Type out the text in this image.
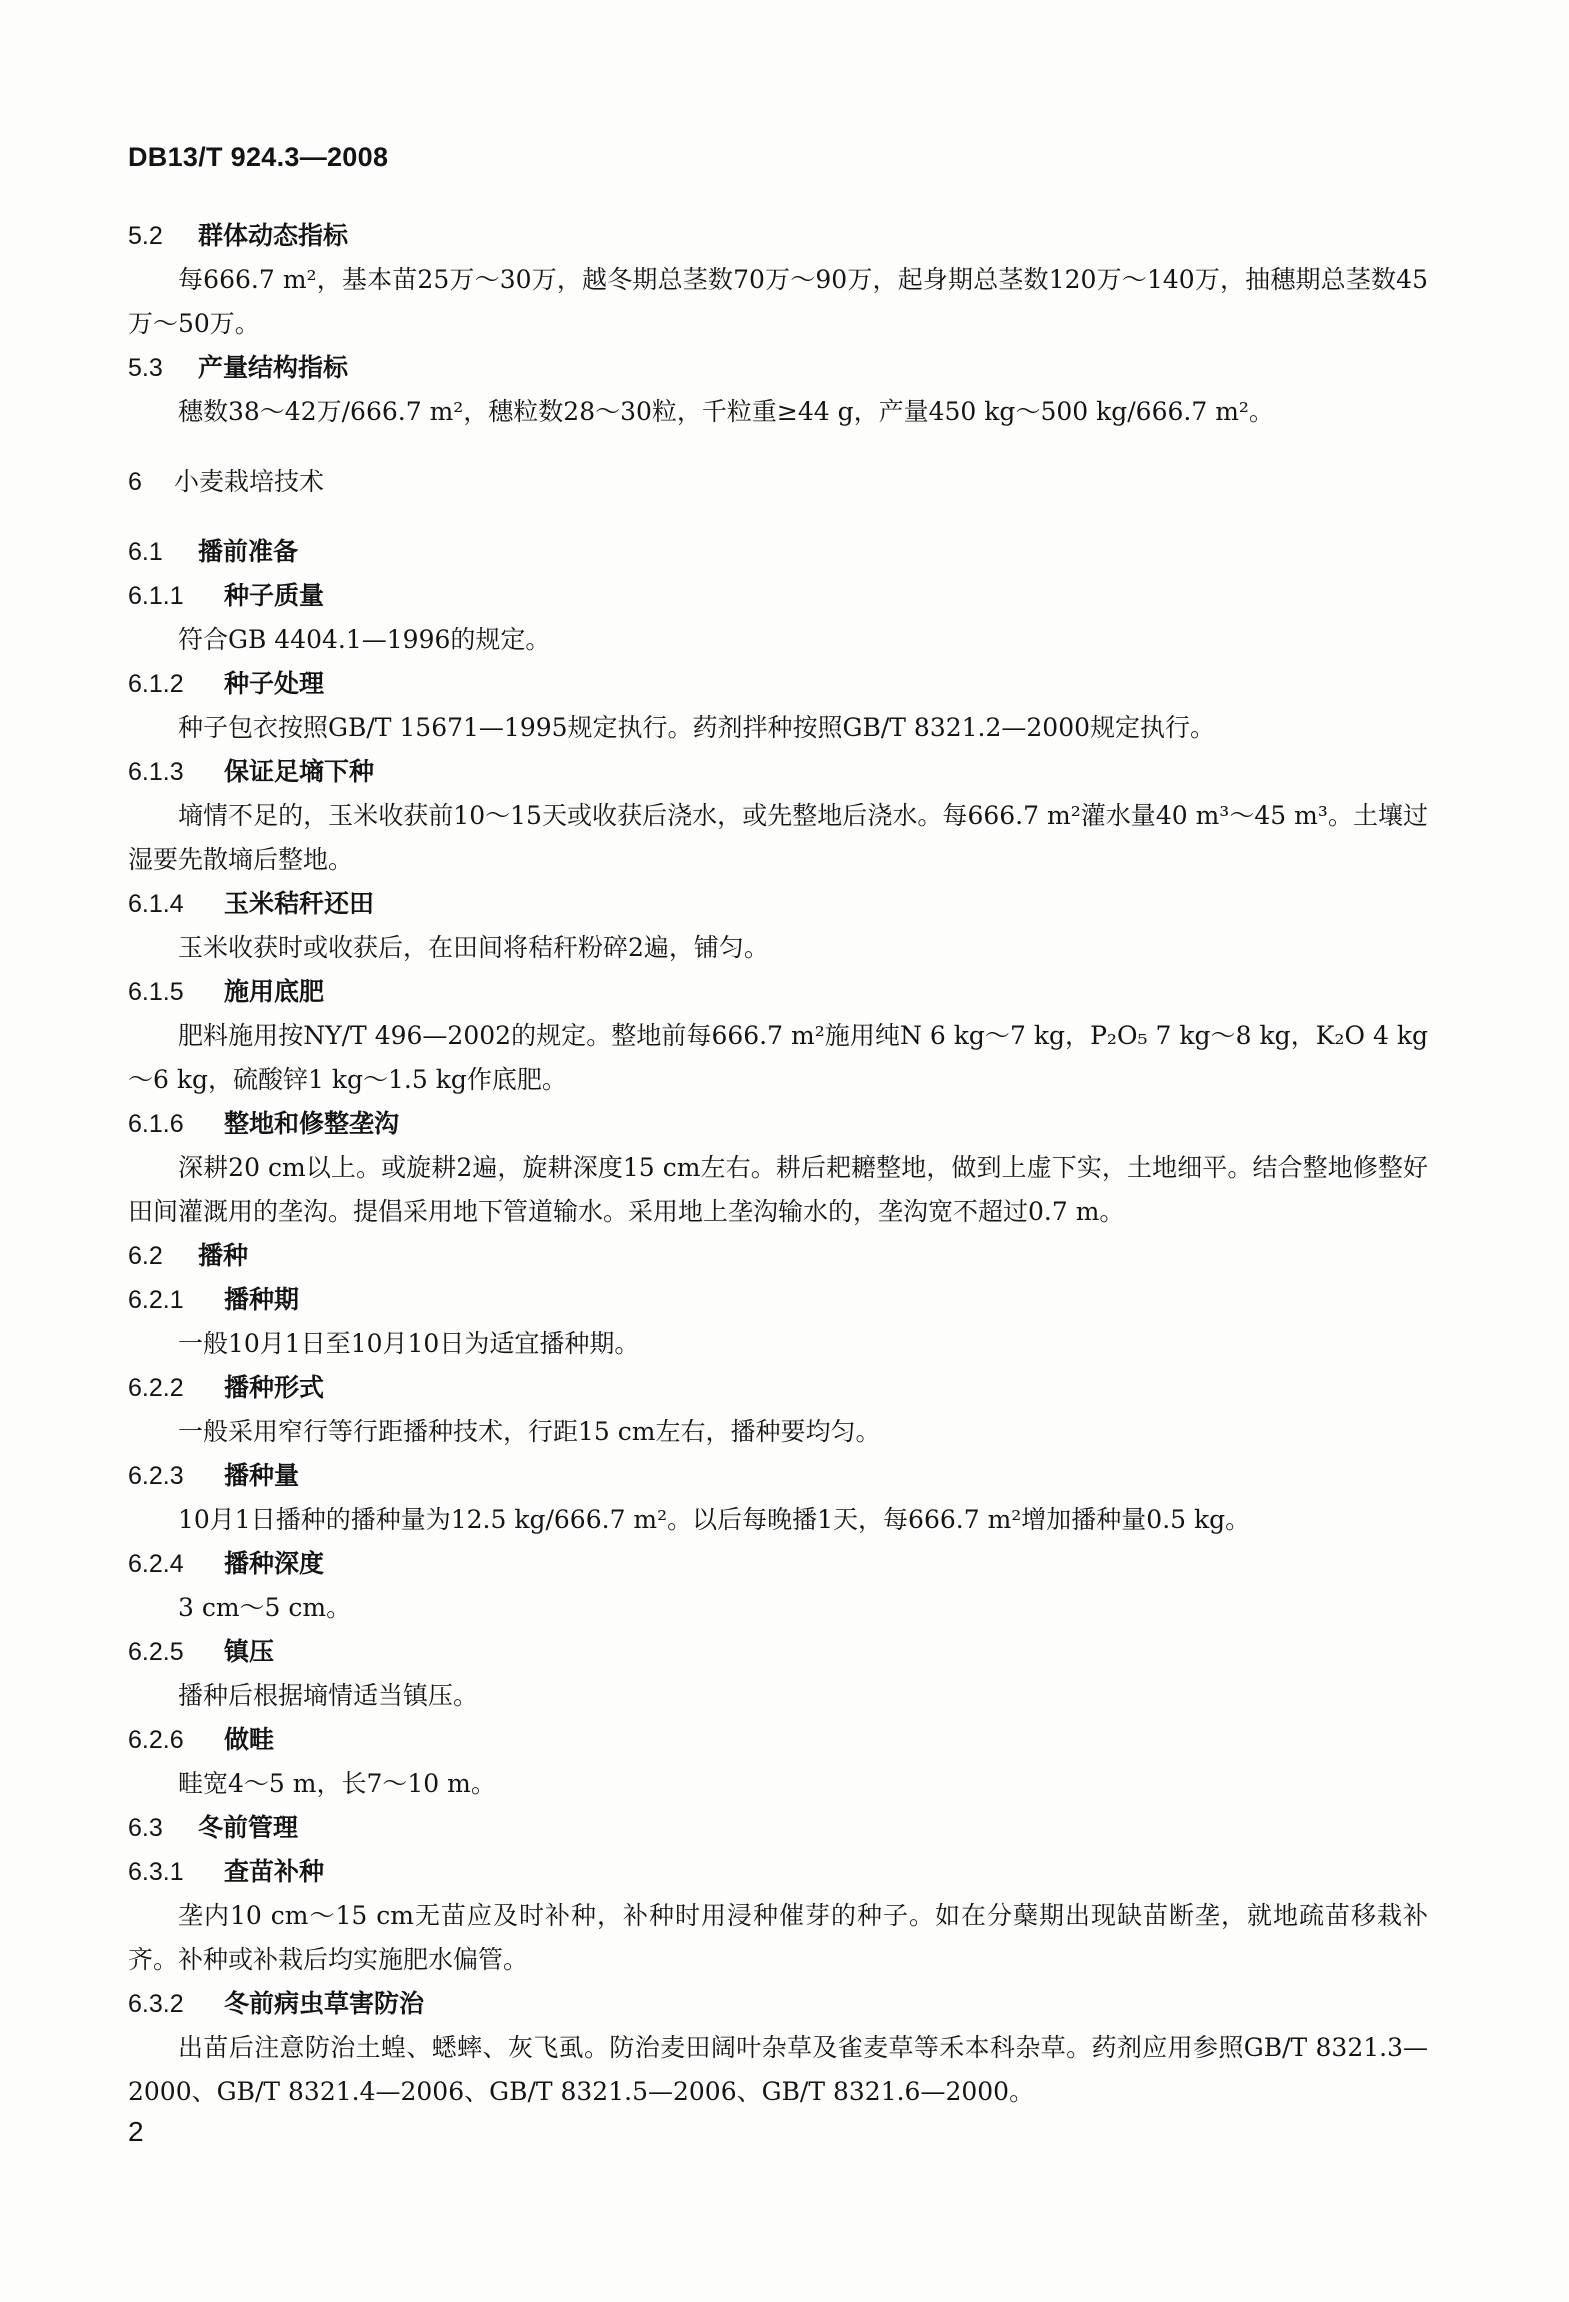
DB13/T 924.3—2008
5.2 群体动态指标

每666.7 m²，基本苗25万～30万，越冬期总茎数70万～90万，起身期总茎数120万～140万，抽穗期总茎数45万～50万。

5.3 产量结构指标

穗数38～42万/666.7 m²，穗粒数28～30粒，千粒重≥44 g，产量450 kg～500 kg/666.7 m²。

6 小麦栽培技术
6.1 播前准备
6.1.1 种子质量

符合GB 4404.1—1996的规定。

6.1.2 种子处理

种子包衣按照GB/T 15671—1995规定执行。药剂拌种按照GB/T 8321.2—2000规定执行。

6.1.3 保证足墒下种

墒情不足的，玉米收获前10～15天或收获后浇水，或先整地后浇水。每666.7 m²灌水量40 m³～45 m³。土壤过湿要先散墒后整地。

6.1.4 玉米秸秆还田

玉米收获时或收获后，在田间将秸秆粉碎2遍，铺匀。

6.1.5 施用底肥

肥料施用按NY/T 496—2002的规定。整地前每666.7 m²施用纯N 6 kg～7 kg，P₂O₅ 7 kg～8 kg，K₂O 4 kg～6 kg，硫酸锌1 kg～1.5 kg作底肥。

6.1.6 整地和修整垄沟

深耕20 cm以上。或旋耕2遍，旋耕深度15 cm左右。耕后耙耱整地，做到上虚下实，土地细平。结合整地修整好田间灌溉用的垄沟。提倡采用地下管道输水。采用地上垄沟输水的，垄沟宽不超过0.7 m。

6.2 播种
6.2.1 播种期

一般10月1日至10月10日为适宜播种期。

6.2.2 播种形式

一般采用窄行等行距播种技术，行距15 cm左右，播种要均匀。

6.2.3 播种量

10月1日播种的播种量为12.5 kg/666.7 m²。以后每晚播1天，每666.7 m²增加播种量0.5 kg。

6.2.4 播种深度

3 cm～5 cm。

6.2.5 镇压

播种后根据墒情适当镇压。

6.2.6 做畦

畦宽4～5 m，长7～10 m。

6.3 冬前管理
6.3.1 查苗补种

垄内10 cm～15 cm无苗应及时补种，补种时用浸种催芽的种子。如在分蘖期出现缺苗断垄，就地疏苗移栽补齐。补种或补栽后均实施肥水偏管。

6.3.2 冬前病虫草害防治

出苗后注意防治土蝗、蟋蟀、灰飞虱。防治麦田阔叶杂草及雀麦草等禾本科杂草。药剂应用参照GB/T 8321.3—2000、GB/T 8321.4—2006、GB/T 8321.5—2006、GB/T 8321.6—2000。

2
